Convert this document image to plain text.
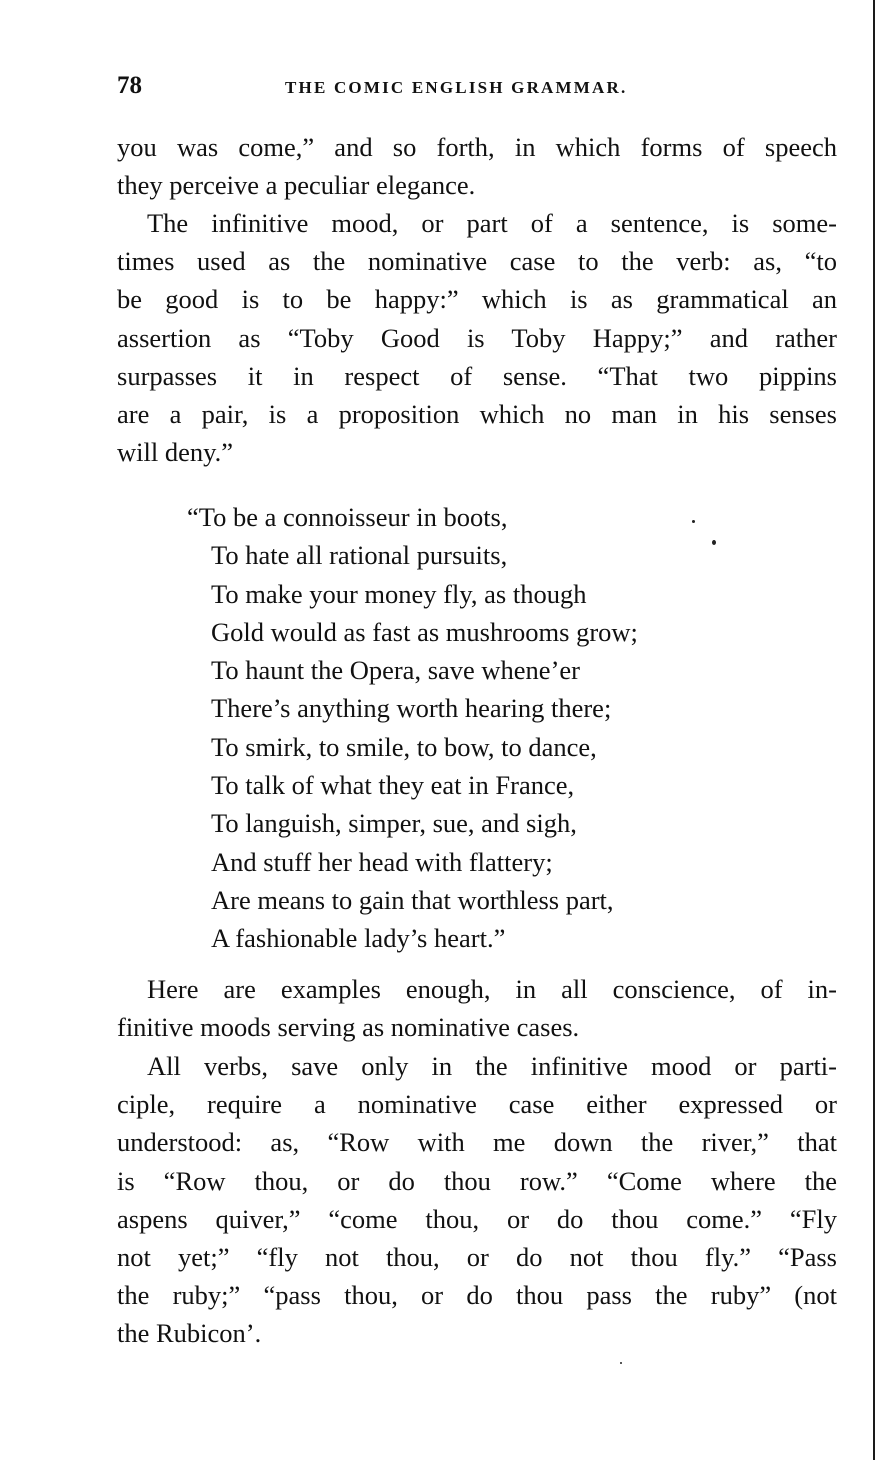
78	THE COMIC ENGLISH GRAMMAR.
you was come,” and so forth, in which forms of speech
they perceive a peculiar elegance.
The infinitive mood, or part of a sentence, is some-
times used as the nominative case to the verb: as, “to
be good is to be happy:” which is as grammatical an
assertion as “Toby Good is Toby Happy;” and rather
surpasses it in respect of sense. “That two pippins
are a pair, is a proposition which no man in his senses
will deny.”
“To be a connoisseur in boots,
To hate all rational pursuits,
To make your money fly, as though
Gold would as fast as mushrooms grow;
To haunt the Opera, save whene’er
There’s anything worth hearing there;
To smirk, to smile, to bow, to dance,
To talk of what they eat in France,
To languish, simper, sue, and sigh,
And stuff her head with flattery;
Are means to gain that worthless part,
A fashionable lady’s heart.”
Here are examples enough, in all conscience, of in-
finitive moods serving as nominative cases.
All verbs, save only in the infinitive mood or parti-
ciple, require a nominative case either expressed or
understood: as, “Row with me down the river,” that
is “Row thou, or do thou row.” “Come where the
aspens quiver,” “come thou, or do thou come.” “Fly
not yet;” “fly not thou, or do not thou fly.” “Pass
the ruby;” “pass thou, or do thou pass the ruby” (not
the Rubicon’.
